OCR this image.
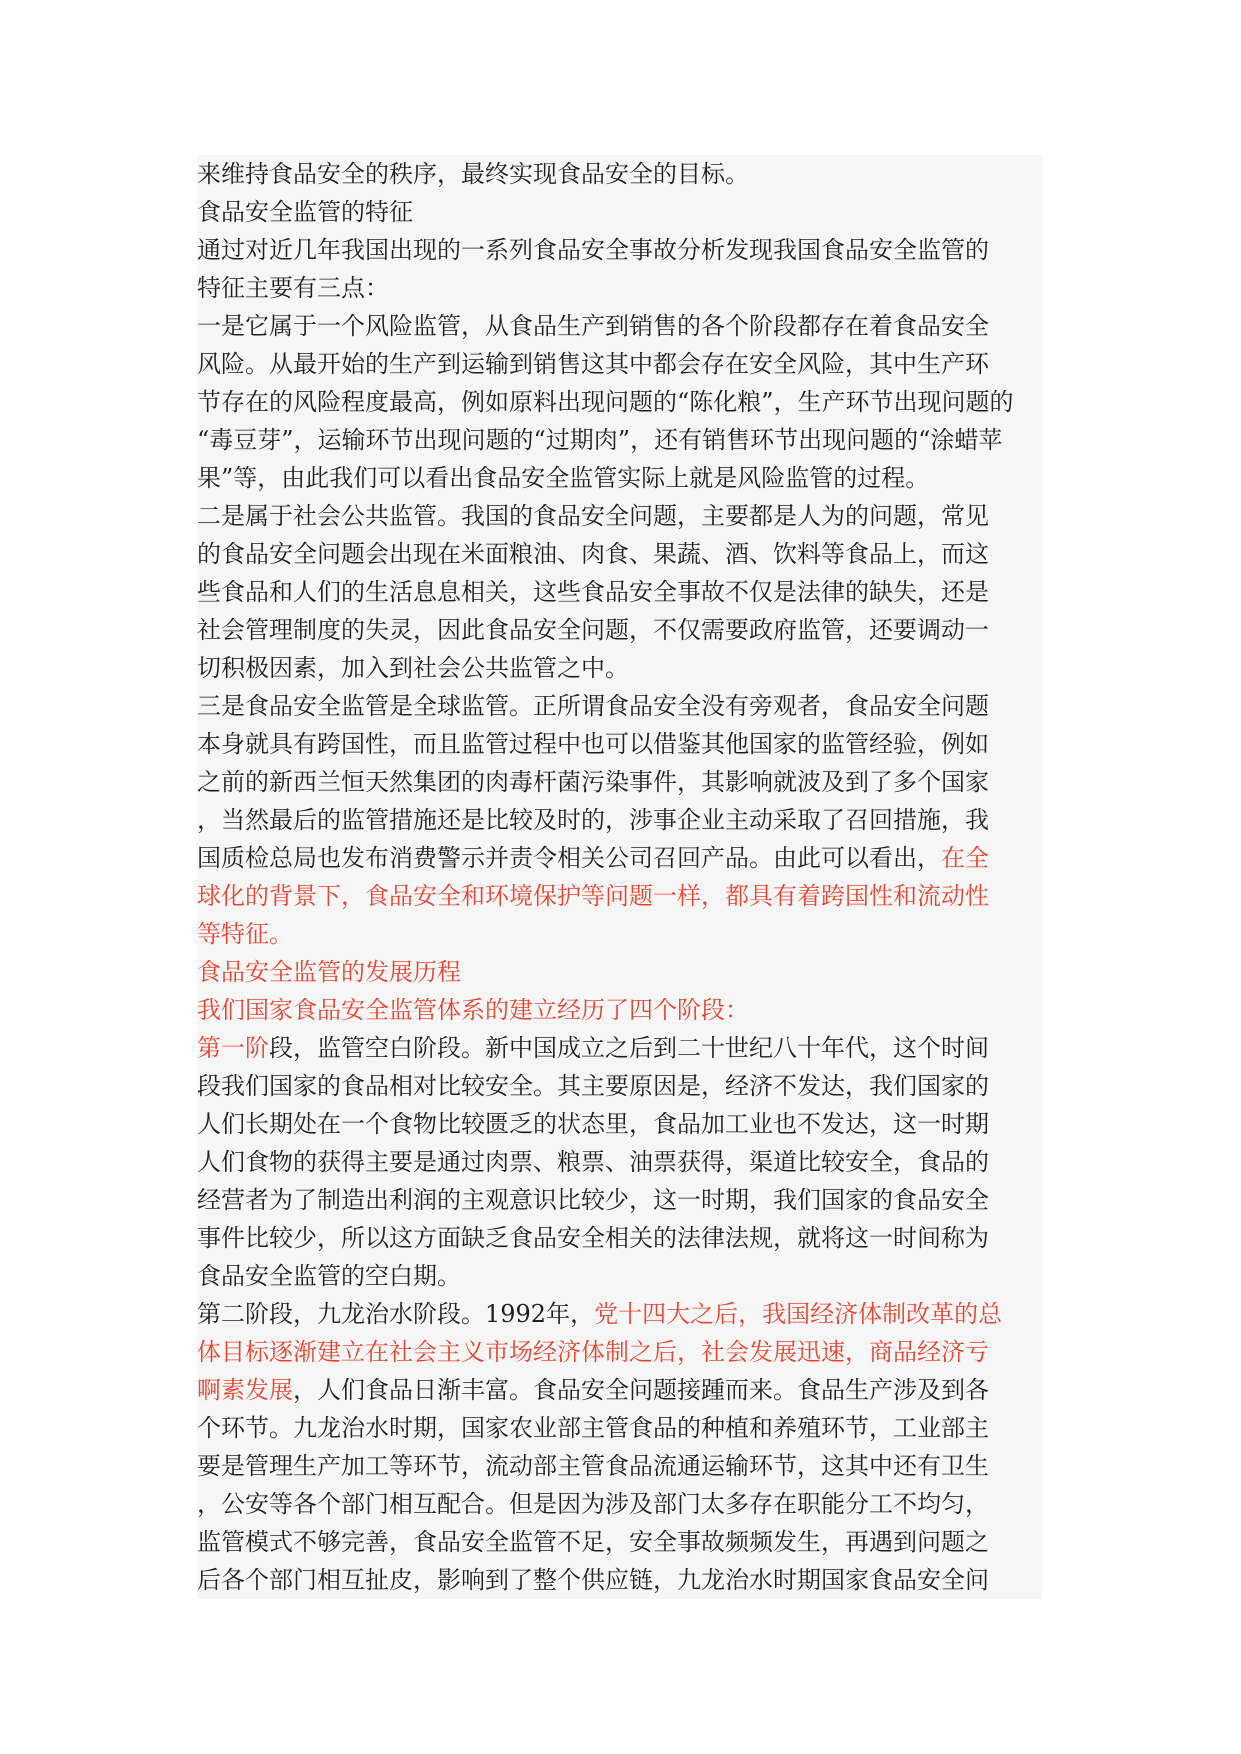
来维持食品安全的秩序，最终实现食品安全的目标。
食品安全监管的特征
通过对近几年我国出现的一系列食品安全事故分析发现我国食品安全监管的
特征主要有三点：
一是它属于一个风险监管，从食品生产到销售的各个阶段都存在着食品安全
风险。从最开始的生产到运输到销售这其中都会存在安全风险，其中生产环
节存在的风险程度最高，例如原料出现问题的“陈化粮”，生产环节出现问题的
“毒豆芽”，运输环节出现问题的“过期肉”，还有销售环节出现问题的“涂蜡苹
果”等，由此我们可以看出食品安全监管实际上就是风险监管的过程。
二是属于社会公共监管。我国的食品安全问题，主要都是人为的问题，常见
的食品安全问题会出现在米面粮油、肉食、果蔬、酒、饮料等食品上，而这
些食品和人们的生活息息相关，这些食品安全事故不仅是法律的缺失，还是
社会管理制度的失灵，因此食品安全问题，不仅需要政府监管，还要调动一
切积极因素，加入到社会公共监管之中。
三是食品安全监管是全球监管。正所谓食品安全没有旁观者，食品安全问题
本身就具有跨国性，而且监管过程中也可以借鉴其他国家的监管经验，例如
之前的新西兰恒天然集团的肉毒杆菌污染事件，其影响就波及到了多个国家
，当然最后的监管措施还是比较及时的，涉事企业主动采取了召回措施，我
国质检总局也发布消费警示并责令相关公司召回产品。由此可以看出，在全
球化的背景下，食品安全和环境保护等问题一样，都具有着跨国性和流动性
等特征。
食品安全监管的发展历程
我们国家食品安全监管体系的建立经历了四个阶段：
第一阶段，监管空白阶段。新中国成立之后到二十世纪八十年代，这个时间
段我们国家的食品相对比较安全。其主要原因是，经济不发达，我们国家的
人们长期处在一个食物比较匮乏的状态里，食品加工业也不发达，这一时期
人们食物的获得主要是通过肉票、粮票、油票获得，渠道比较安全，食品的
经营者为了制造出利润的主观意识比较少，这一时期，我们国家的食品安全
事件比较少，所以这方面缺乏食品安全相关的法律法规，就将这一时间称为
食品安全监管的空白期。
第二阶段，九龙治水阶段。1992年，党十四大之后，我国经济体制改革的总
体目标逐渐建立在社会主义市场经济体制之后，社会发展迅速，商品经济亏
啊素发展，人们食品日渐丰富。食品安全问题接踵而来。食品生产涉及到各
个环节。九龙治水时期，国家农业部主管食品的种植和养殖环节，工业部主
要是管理生产加工等环节，流动部主管食品流通运输环节，这其中还有卫生
，公安等各个部门相互配合。但是因为涉及部门太多存在职能分工不均匀，
监管模式不够完善，食品安全监管不足，安全事故频频发生，再遇到问题之
后各个部门相互扯皮，影响到了整个供应链，九龙治水时期国家食品安全问
